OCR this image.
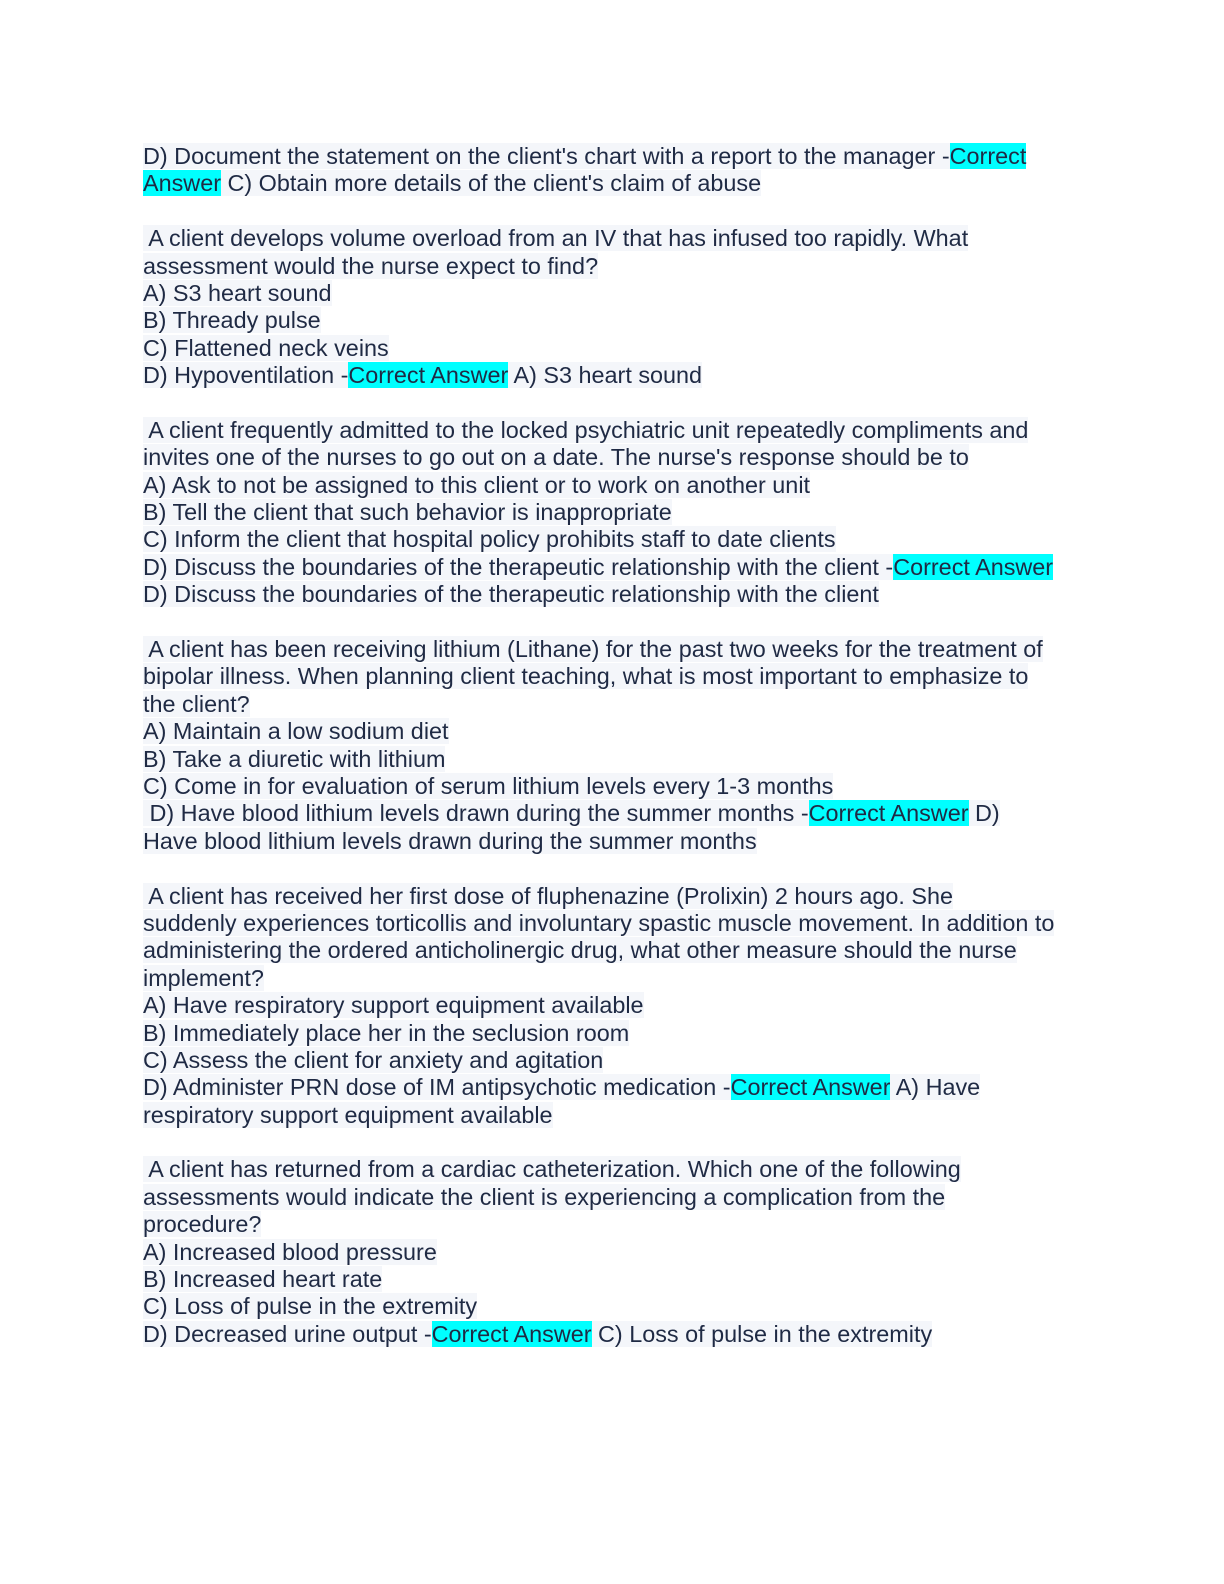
D) Document the statement on the client's chart with a report to the manager -Correct
Answer C) Obtain more details of the client's claim of abuse
A client develops volume overload from an IV that has infused too rapidly. What
assessment would the nurse expect to find?
A) S3 heart sound
B) Thready pulse
C) Flattened neck veins
D) Hypoventilation -Correct Answer A) S3 heart sound
A client frequently admitted to the locked psychiatric unit repeatedly compliments and
invites one of the nurses to go out on a date. The nurse's response should be to
A) Ask to not be assigned to this client or to work on another unit
B) Tell the client that such behavior is inappropriate
C) Inform the client that hospital policy prohibits staff to date clients
D) Discuss the boundaries of the therapeutic relationship with the client -Correct Answer
D) Discuss the boundaries of the therapeutic relationship with the client
A client has been receiving lithium (Lithane) for the past two weeks for the treatment of
bipolar illness. When planning client teaching, what is most important to emphasize to
the client?
A) Maintain a low sodium diet
B) Take a diuretic with lithium
C) Come in for evaluation of serum lithium levels every 1-3 months
D) Have blood lithium levels drawn during the summer months -Correct Answer D)
Have blood lithium levels drawn during the summer months
A client has received her first dose of fluphenazine (Prolixin) 2 hours ago. She
suddenly experiences torticollis and involuntary spastic muscle movement. In addition to
administering the ordered anticholinergic drug, what other measure should the nurse
implement?
A) Have respiratory support equipment available
B) Immediately place her in the seclusion room
C) Assess the client for anxiety and agitation
D) Administer PRN dose of IM antipsychotic medication -Correct Answer A) Have
respiratory support equipment available
A client has returned from a cardiac catheterization. Which one of the following
assessments would indicate the client is experiencing a complication from the
procedure?
A) Increased blood pressure
B) Increased heart rate
C) Loss of pulse in the extremity
D) Decreased urine output -Correct Answer C) Loss of pulse in the extremity
